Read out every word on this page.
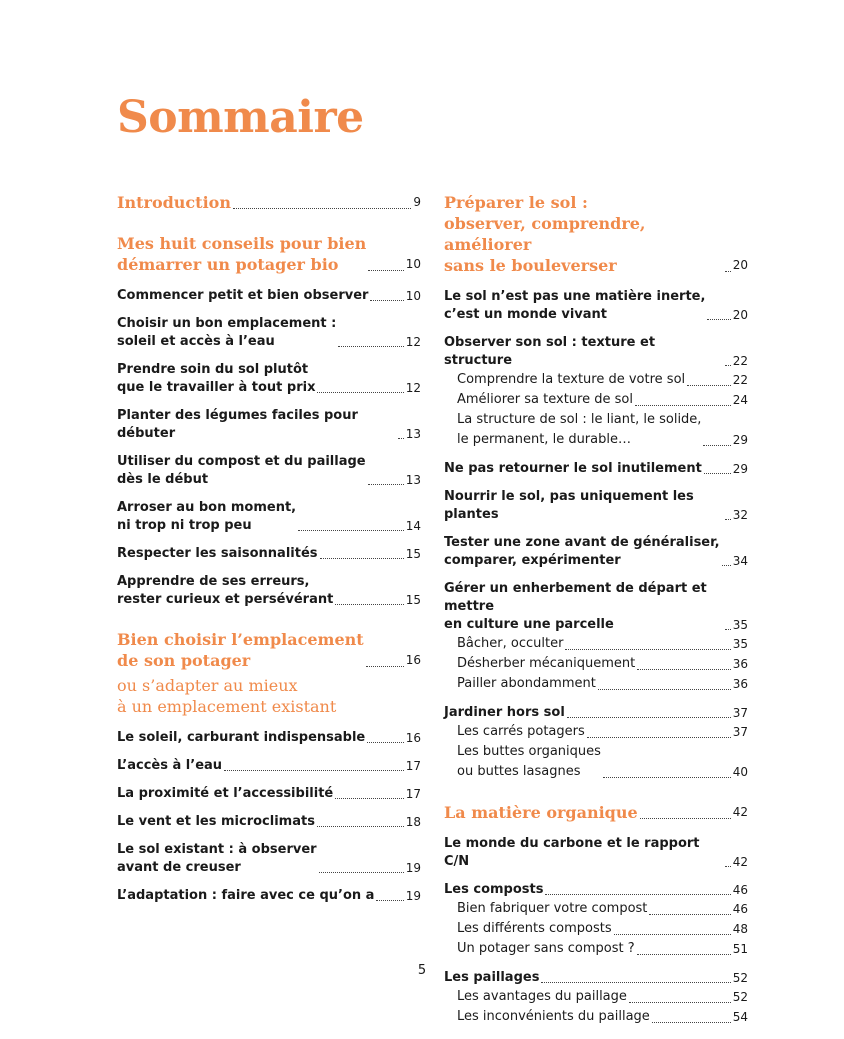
Sommaire
Introduction	9
Mes huit conseils pour bien
démarrer un potager bio	10
Commencer petit et bien observer	10
Choisir un bon emplacement :
soleil et accès à l’eau	12
Prendre soin du sol plutôt
que le travailler à tout prix	12
Planter des légumes faciles pour débuter	13
Utiliser du compost et du paillage
dès le début	13
Arroser au bon moment,
ni trop ni trop peu	14
Respecter les saisonnalités	15
Apprendre de ses erreurs,
rester curieux et persévérant	15
Bien choisir l’emplacement
de son potager	16
ou s’adapter au mieux
à un emplacement existant
Le soleil, carburant indispensable	16
L’accès à l’eau	17
La proximité et l’accessibilité	17
Le vent et les microclimats	18
Le sol existant : à observer
avant de creuser	19
L’adaptation : faire avec ce qu’on a	19
Préparer le sol :
observer, comprendre, améliorer
sans le bouleverser	20
Le sol n’est pas une matière inerte,
c’est un monde vivant	20
Observer son sol : texture et structure	22
Comprendre la texture de votre sol	22
Améliorer sa texture de sol	24
La structure de sol : le liant, le solide,
le permanent, le durable…	29
Ne pas retourner le sol inutilement	29
Nourrir le sol, pas uniquement les plantes	32
Tester une zone avant de généraliser,
comparer, expérimenter	34
Gérer un enherbement de départ et mettre
en culture une parcelle	35
Bâcher, occulter	35
Désherber mécaniquement	36
Pailler abondamment	36
Jardiner hors sol	37
Les carrés potagers	37
Les buttes organiques
ou buttes lasagnes	40
La matière organique	42
Le monde du carbone et le rapport C/N	42
Les composts	46
Bien fabriquer votre compost	46
Les différents composts	48
Un potager sans compost ?	51
Les paillages	52
Les avantages du paillage	52
Les inconvénients du paillage	54
5
